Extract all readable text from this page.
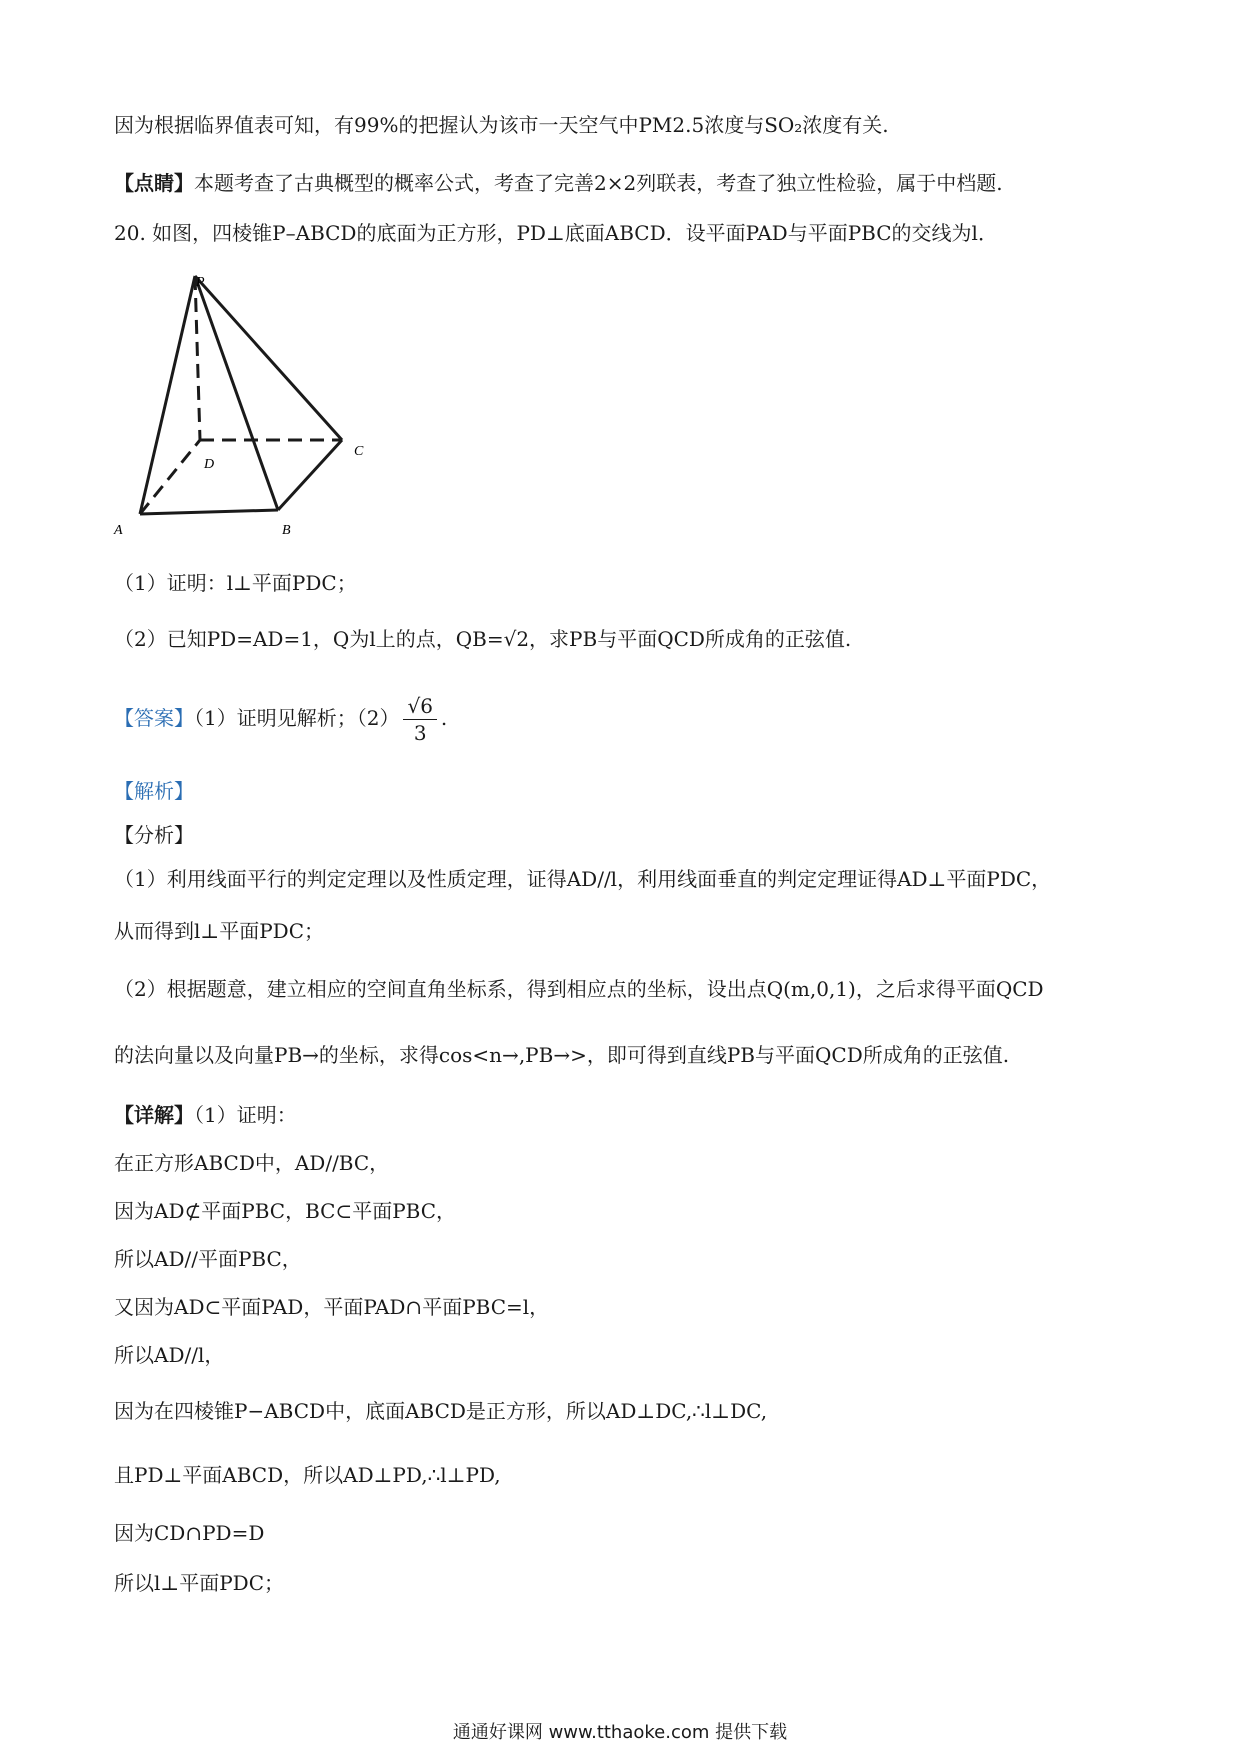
因为根据临界值表可知，有99%的把握认为该市一天空气中PM2.5浓度与SO₂浓度有关.
【点睛】本题考查了古典概型的概率公式，考查了完善2×2列联表，考查了独立性检验，属于中档题.
20. 如图，四棱锥P–ABCD的底面为正方形，PD⊥底面ABCD．设平面PAD与平面PBC的交线为l．
P
D
C
A	B
（1）证明：l⊥平面PDC；
（2）已知PD=AD=1，Q为l上的点，QB=√2，求PB与平面QCD所成角的正弦值.
【答案】（1）证明见解析；$(2) \frac{√6}{3}$ .
【解析】
【分析】
（1）利用线面平行的判定定理以及性质定理，证得AD//l，利用线面垂直的判定定理证得AD⊥平面PDC，
从而得到l⊥平面PDC；
（2）根据题意，建立相应的空间直角坐标系，得到相应点的坐标，设出点Q(m,0,1)，之后求得平面QCD
的法向量以及向量PB→的坐标，求得cos<n→,PB→>，即可得到直线PB与平面QCD所成角的正弦值.
【详解】（1）证明：
在正方形ABCD中，AD//BC，
因为AD⊄平面PBC，BC⊂平面PBC，
所以AD//平面PBC，
又因为AD⊂平面PAD，平面PAD∩平面PBC=l，
所以AD//l，
因为在四棱锥P−ABCD中，底面ABCD是正方形，所以AD⊥DC,∴l⊥DC,
且PD⊥平面ABCD，所以AD⊥PD,∴l⊥PD,
因为CD∩PD=D
所以l⊥平面PDC；
通通好课网 www.tthaoke.com 提供下载
